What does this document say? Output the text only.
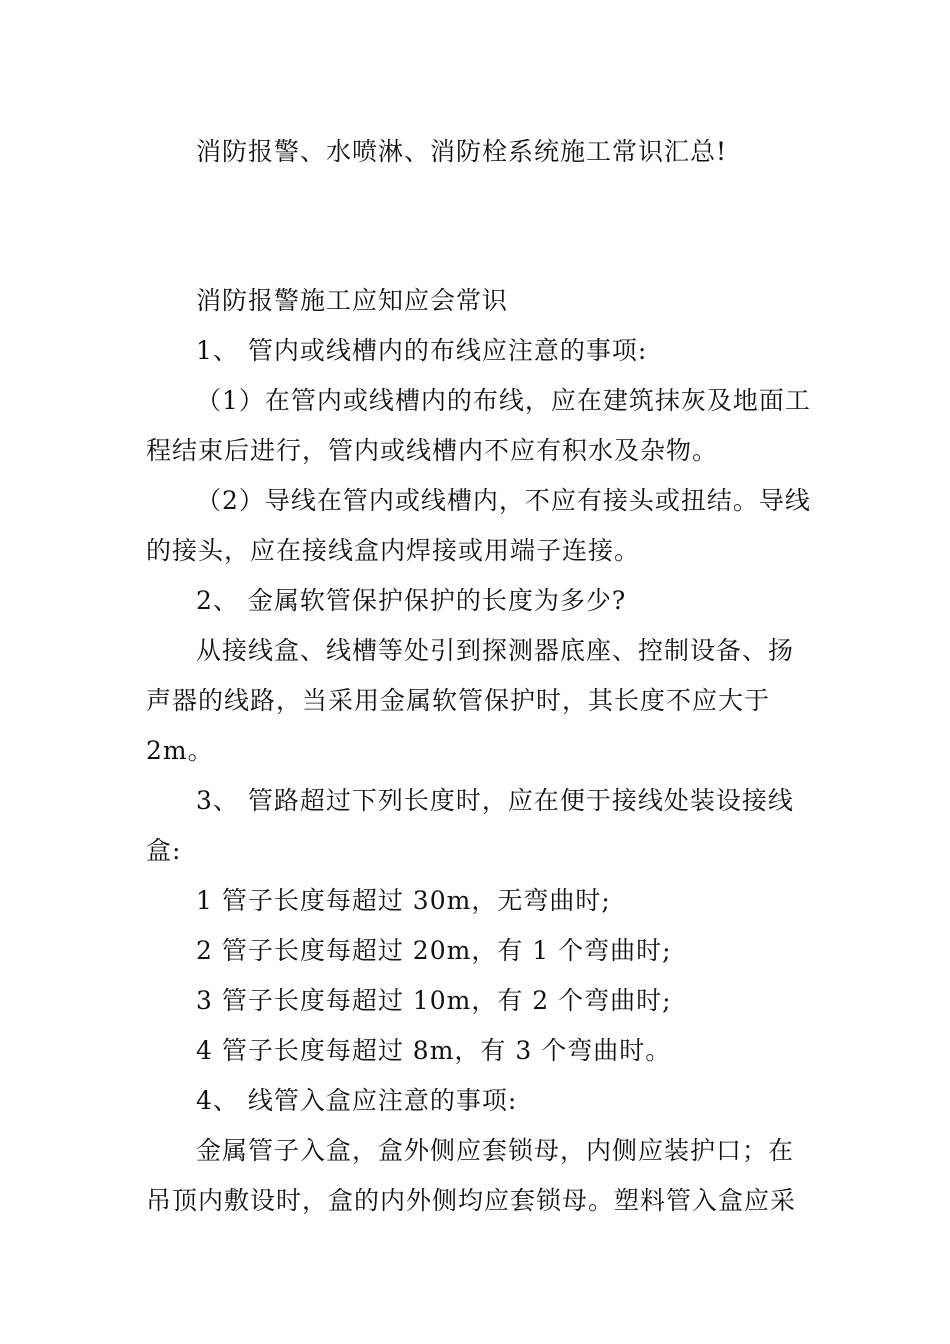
消防报警、水喷淋、消防栓系统施工常识汇总!
消防报警施工应知应会常识
1、 管内或线槽内的布线应注意的事项:
（1）在管内或线槽内的布线，应在建筑抹灰及地面工
程结束后进行，管内或线槽内不应有积水及杂物。
（2）导线在管内或线槽内，不应有接头或扭结。导线
的接头，应在接线盒内焊接或用端子连接。
2、 金属软管保护保护的长度为多少?
从接线盒、线槽等处引到探测器底座、控制设备、扬
声器的线路，当采用金属软管保护时，其长度不应大于
2m。
3、 管路超过下列长度时，应在便于接线处装设接线
盒:
1 管子长度每超过 30m，无弯曲时;
2 管子长度每超过 20m，有 1 个弯曲时;
3 管子长度每超过 10m，有 2 个弯曲时;
4 管子长度每超过 8m，有 3 个弯曲时。
4、 线管入盒应注意的事项:
金属管子入盒，盒外侧应套锁母，内侧应装护口；在
吊顶内敷设时，盒的内外侧均应套锁母。塑料管入盒应采
